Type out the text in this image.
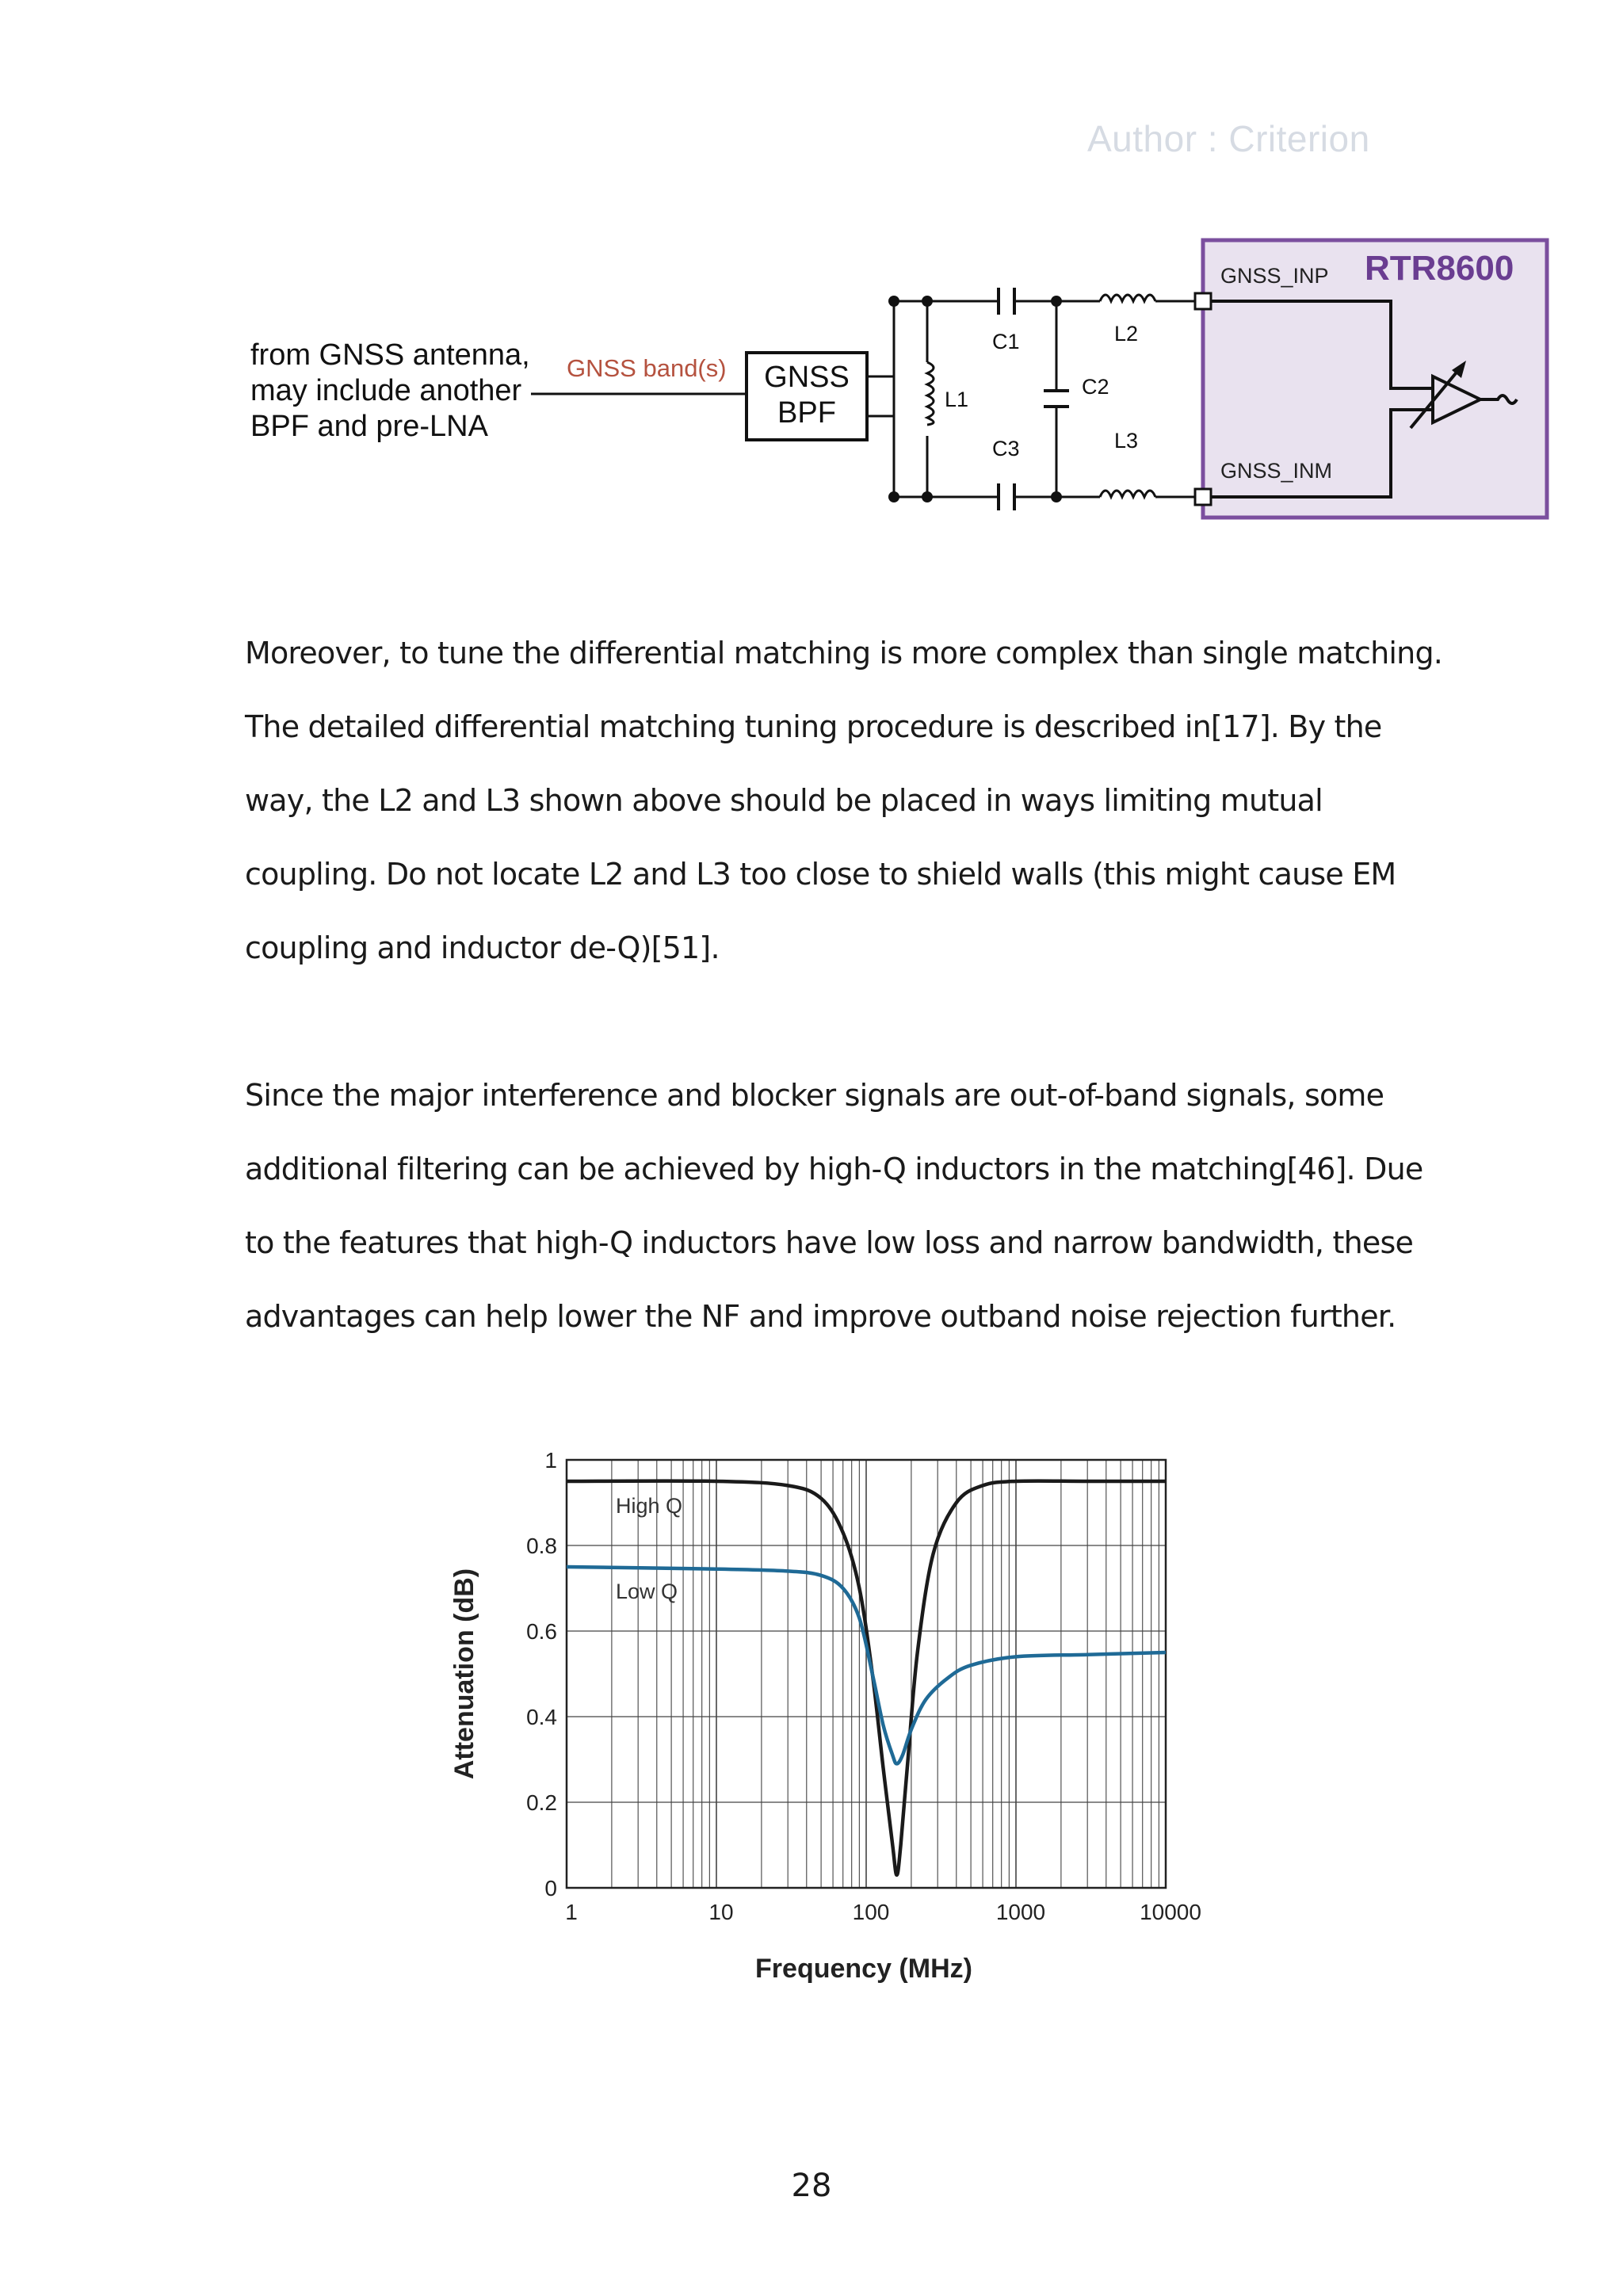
Author : Criterion
RTR8600
GNSS_INP
GNSS_INM
from GNSS antenna,
may include another
BPF and pre-LNA
GNSS band(s) GNSS
BPF	L1
C1
C3
C2
L2
L3
Moreover, to tune the differential matching is more complex than single matching.
The detailed differential matching tuning procedure is described in[17]. By the
way, the L2 and L3 shown above should be placed in ways limiting mutual
coupling. Do not locate L2 and L3 too close to shield walls (this might cause EM
coupling and inductor de-Q)[51].
Since the major interference and blocker signals are out-of-band signals, some
additional filtering can be achieved by high-Q inductors in the matching[46]. Due
to the features that high-Q inductors have low loss and narrow bandwidth, these
advantages can help lower the NF and improve outband noise rejection further.
0
0.2
0.4
0.6
0.8
1
1	10	100	1000	10000
High Q
Low Q
Attenuation (dB)
Frequency (MHz)
28
